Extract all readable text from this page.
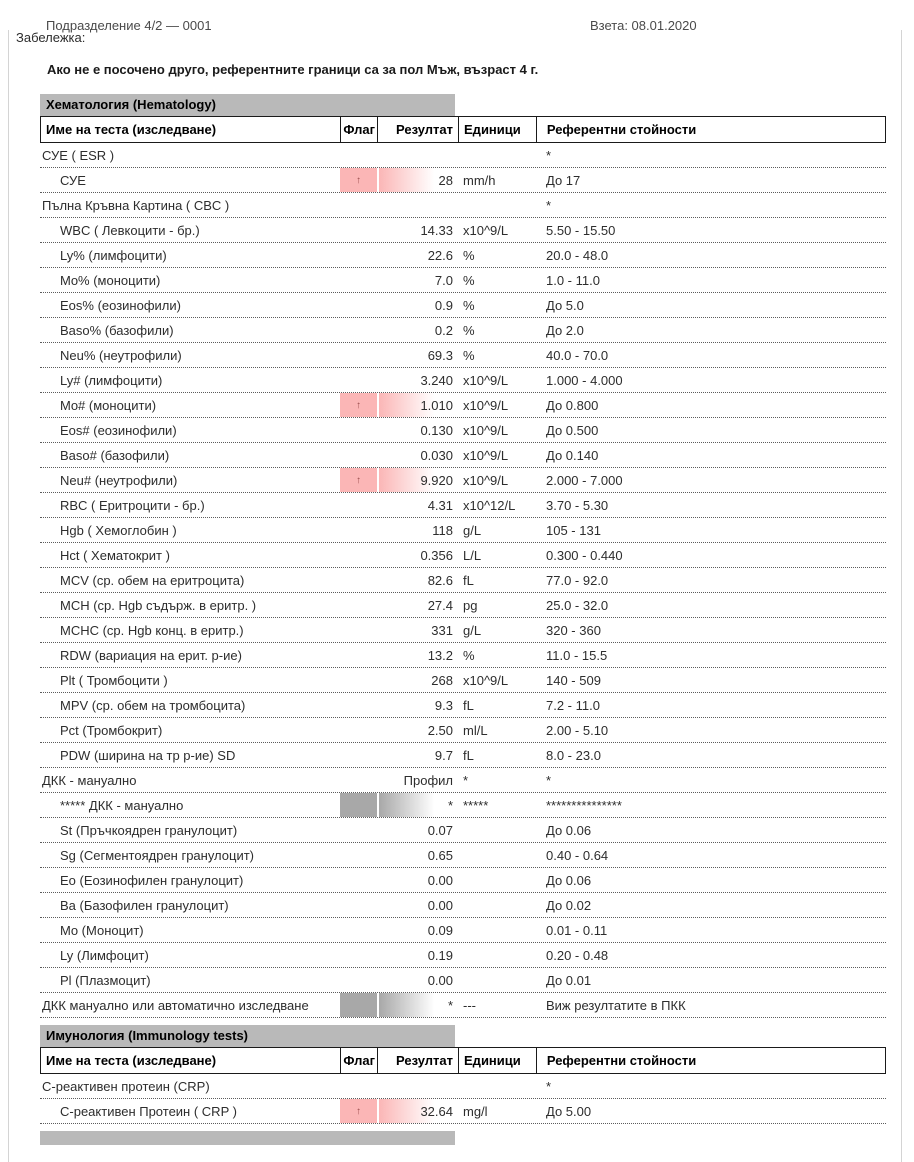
Подразделение 4/2 — 0001	Взета: 08.01.2020
Забележка:
Ако не е посочено друго, референтните граници са за пол Мъж, възраст 4 г.
Хематология (Hematology)
Име на теста (изследване)	Флаг	Резултат Единици	Референтни стойности
СУЕ ( ESR )	*
СУЕ	↑	28 mm/h	До 17
Пълна Кръвна Картина ( CBC )	*
WBC ( Левкоцити - бр.)	14.33 x10^9/L	5.50 - 15.50
Ly% (лимфоцити)	22.6 %	20.0 - 48.0
Mo% (моноцити)	7.0 %	1.0 - 11.0
Eos% (еозинофили)	0.9 %	До 5.0
Baso% (базофили)	0.2 %	До 2.0
Neu% (неутрофили)	69.3 %	40.0 - 70.0
Ly# (лимфоцити)	3.240 x10^9/L	1.000 - 4.000
Mo# (моноцити)	↑	1.010 x10^9/L	До 0.800
Eos# (еозинофили)	0.130 x10^9/L	До 0.500
Baso# (базофили)	0.030 x10^9/L	До 0.140
Neu# (неутрофили)	↑	9.920 x10^9/L	2.000 - 7.000
RBC ( Еритроцити - бр.)	4.31 x10^12/L	3.70 - 5.30
Hgb ( Хемоглобин )	118 g/L	105 - 131
Hct ( Хематокрит )	0.356 L/L	0.300 - 0.440
MCV (ср. обем на еритроцита)	82.6 fL	77.0 - 92.0
MCH (ср. Hgb съдърж. в еритр. )	27.4 pg	25.0 - 32.0
MCHC (ср. Hgb конц. в еритр.)	331 g/L	320 - 360
RDW (вариация на ерит. р-ие)	13.2 %	11.0 - 15.5
Plt ( Тромбоцити )	268 x10^9/L	140 - 509
MPV (ср. обем на тромбоцита)	9.3 fL	7.2 - 11.0
Pct (Тромбокрит)	2.50 ml/L	2.00 - 5.10
PDW (ширина на тр р-ие) SD	9.7 fL	8.0 - 23.0
ДКК - мануално	Профил *	*
***** ДКК - мануално	* *****	***************
St (Пръчкоядрен гранулоцит)	0.07	До 0.06
Sg (Сегментоядрен гранулоцит)	0.65	0.40 - 0.64
Eo (Еозинофилен гранулоцит)	0.00	До 0.06
Ba (Базофилен гранулоцит)	0.00	До 0.02
Mo (Моноцит)	0.09	0.01 - 0.11
Ly (Лимфоцит)	0.19	0.20 - 0.48
Pl (Плазмоцит)	0.00	До 0.01
ДКК мануално или автоматично изследване	* ---	Виж резултатите в ПКК
Имунология (Immunology tests)
Име на теста (изследване)	Флаг	Резултат Единици	Референтни стойности
С-реактивен протеин (CRP)	*
С-реактивен Протеин ( CRP )	↑	32.64 mg/l	До 5.00
